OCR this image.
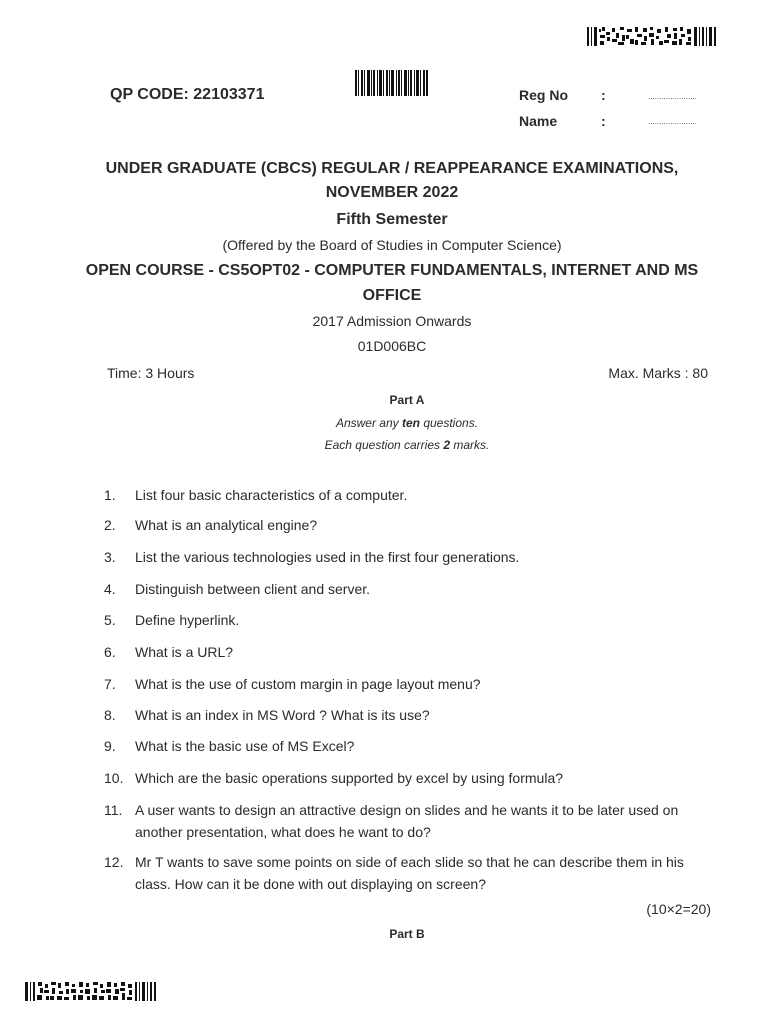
QP CODE: 22103371	Reg No :	......................
Name	:	......................
UNDER GRADUATE (CBCS) REGULAR / REAPPEARANCE EXAMINATIONS,
NOVEMBER 2022
Fifth Semester
(Offered by the Board of Studies in Computer Science)
OPEN COURSE - CS5OPT02 - COMPUTER FUNDAMENTALS, INTERNET AND MS
OFFICE
2017 Admission Onwards
01D006BC
Time: 3 Hours	Max. Marks : 80
Part A
Answer any ten questions.
Each question carries 2 marks.
1. List four basic characteristics of a computer.
2. What is an analytical engine?
3. List the various technologies used in the first four generations.
4. Distinguish between client and server.
5. Define hyperlink.
6. What is a URL?
7. What is the use of custom margin in page layout menu?
8. What is an index in MS Word ? What is its use?
9. What is the basic use of MS Excel?
10. Which are the basic operations supported by excel by using formula?
11. A user wants to design an attractive design on slides and he wants it to be later used on another presentation, what does he want to do?
12. Mr T wants to save some points on side of each slide so that he can describe them in his class. How can it be done with out displaying on screen?
(10×2=20)
Part B
